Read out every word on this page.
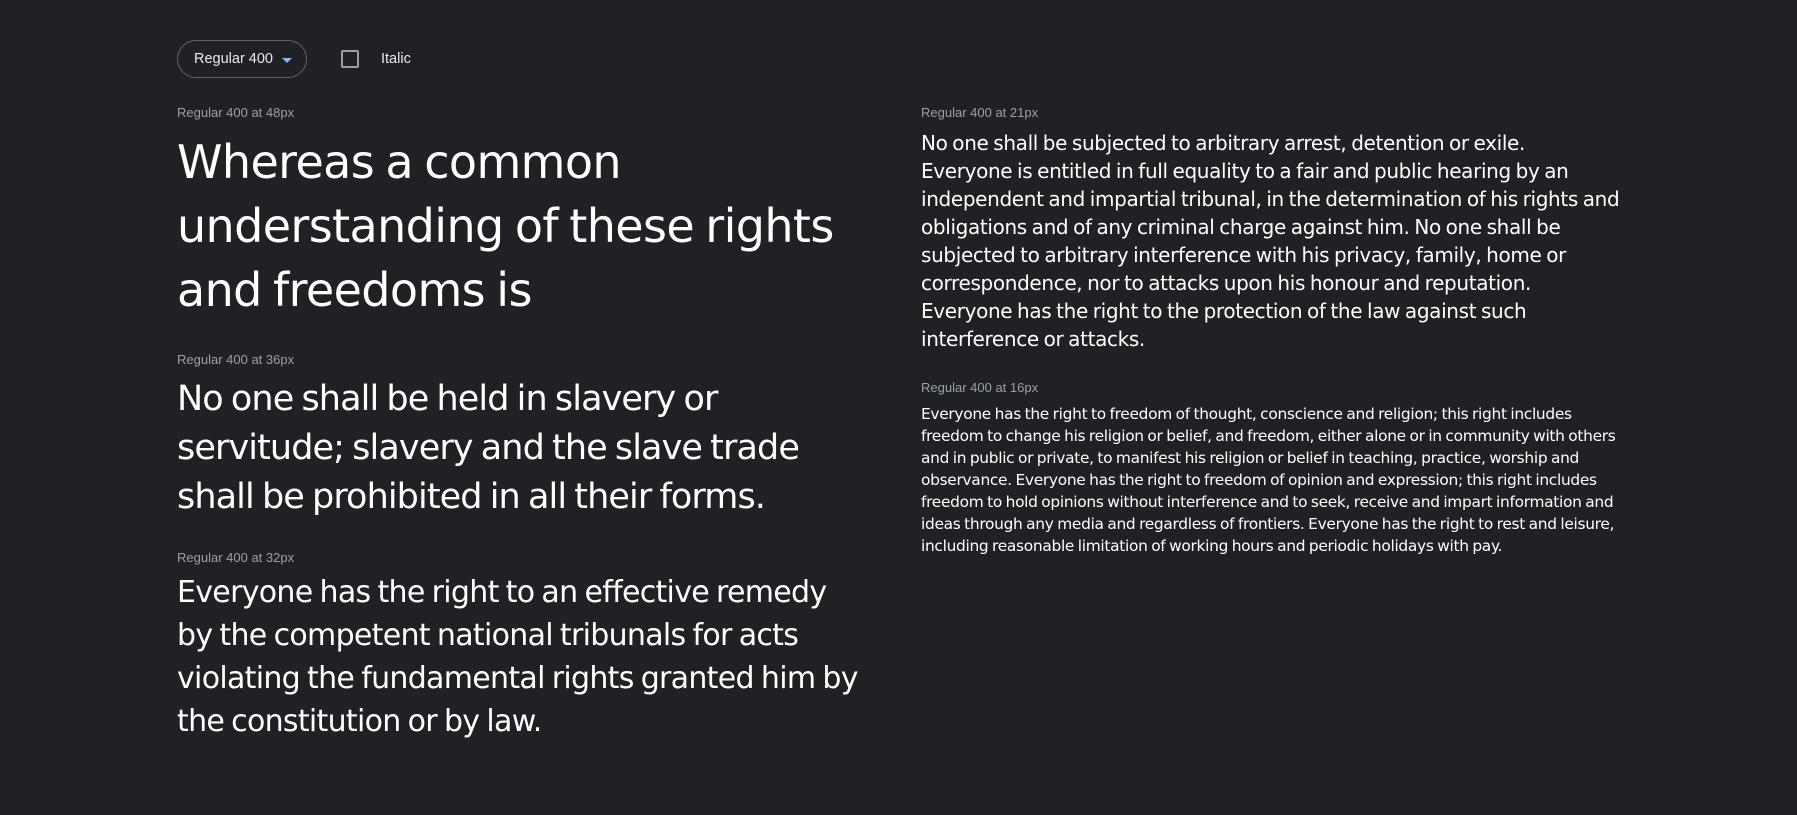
Regular 400	Italic

Regular 400 at 48px

Whereas a common understanding of these rights and freedoms is

Regular 400 at 36px

No one shall be held in slavery or servitude; slavery and the slave trade shall be prohibited in all their forms.

Regular 400 at 32px

Everyone has the right to an effective remedy by the competent national tribunals for acts violating the fundamental rights granted him by the constitution or by law.

Regular 400 at 21px

No one shall be subjected to arbitrary arrest, detention or exile. Everyone is entitled in full equality to a fair and public hearing by an independent and impartial tribunal, in the determination of his rights and obligations and of any criminal charge against him. No one shall be subjected to arbitrary interference with his privacy, family, home or correspondence, nor to attacks upon his honour and reputation. Everyone has the right to the protection of the law against such interference or attacks.

Regular 400 at 16px

Everyone has the right to freedom of thought, conscience and religion; this right includes freedom to change his religion or belief, and freedom, either alone or in community with others and in public or private, to manifest his religion or belief in teaching, practice, worship and observance. Everyone has the right to freedom of opinion and expression; this right includes freedom to hold opinions without interference and to seek, receive and impart information and ideas through any media and regardless of frontiers. Everyone has the right to rest and leisure, including reasonable limitation of working hours and periodic holidays with pay.
